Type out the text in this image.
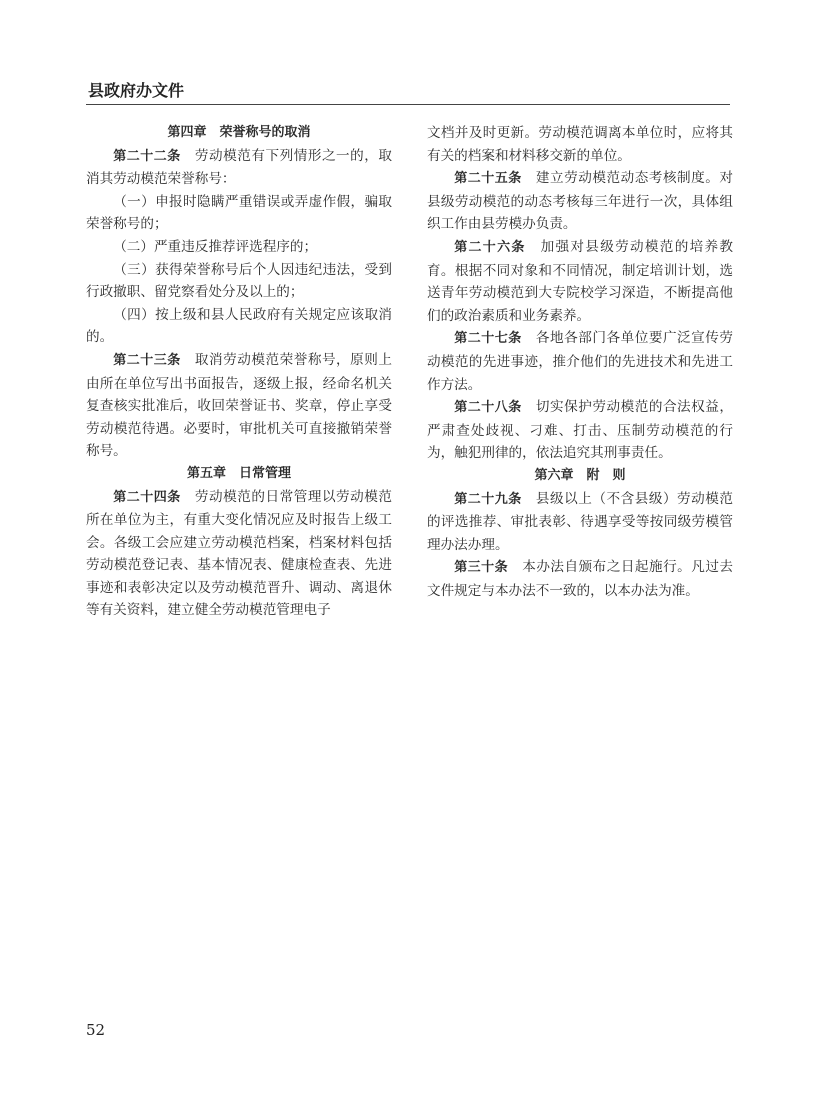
县政府办文件

第四章　荣誉称号的取消

第二十二条　劳动模范有下列情形之一的，取消其劳动模范荣誉称号：

（一）申报时隐瞒严重错误或弄虚作假，骗取荣誉称号的；

（二）严重违反推荐评选程序的；

（三）获得荣誉称号后个人因违纪违法，受到行政撤职、留党察看处分及以上的；

（四）按上级和县人民政府有关规定应该取消的。

第二十三条　取消劳动模范荣誉称号，原则上由所在单位写出书面报告，逐级上报，经命名机关复查核实批准后，收回荣誉证书、奖章，停止享受劳动模范待遇。必要时，审批机关可直接撤销荣誉称号。

第五章　日常管理

第二十四条　劳动模范的日常管理以劳动模范所在单位为主，有重大变化情况应及时报告上级工会。各级工会应建立劳动模范档案，档案材料包括劳动模范登记表、基本情况表、健康检查表、先进事迹和表彰决定以及劳动模范晋升、调动、离退休等有关资料，建立健全劳动模范管理电子

文档并及时更新。劳动模范调离本单位时，应将其有关的档案和材料移交新的单位。

第二十五条　建立劳动模范动态考核制度。对县级劳动模范的动态考核每三年进行一次，具体组织工作由县劳模办负责。

第二十六条　加强对县级劳动模范的培养教育。根据不同对象和不同情况，制定培训计划，选送青年劳动模范到大专院校学习深造，不断提高他们的政治素质和业务素养。

第二十七条　各地各部门各单位要广泛宣传劳动模范的先进事迹，推介他们的先进技术和先进工作方法。

第二十八条　切实保护劳动模范的合法权益，严肃查处歧视、刁难、打击、压制劳动模范的行为，触犯刑律的，依法追究其刑事责任。

第六章　附　则

第二十九条　县级以上（不含县级）劳动模范的评选推荐、审批表彰、待遇享受等按同级劳模管理办法办理。

第三十条　本办法自颁布之日起施行。凡过去文件规定与本办法不一致的，以本办法为准。

52
